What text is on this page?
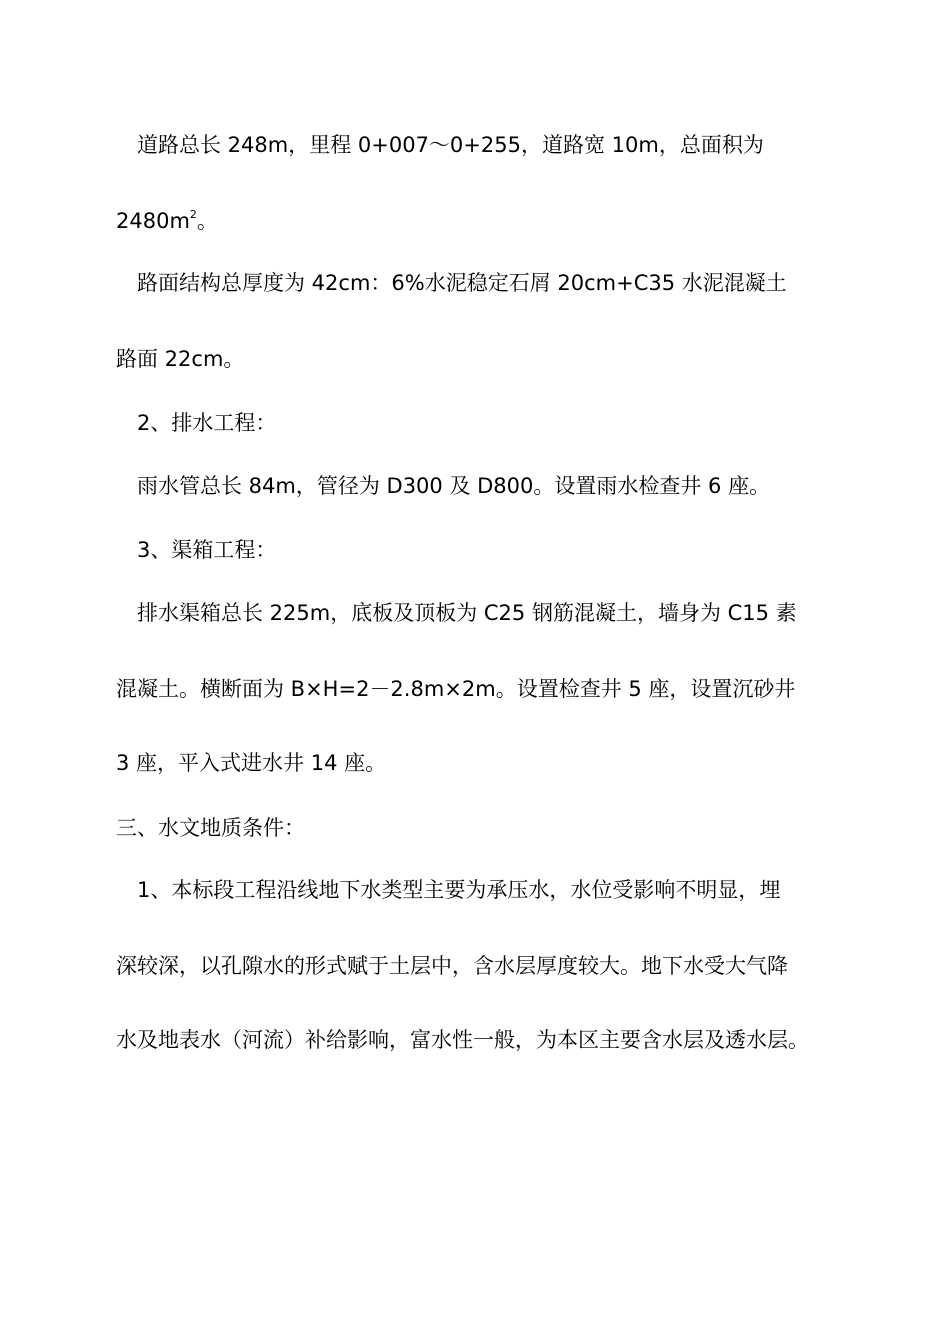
道路总长 248m，里程 0+007～0+255，道路宽 10m，总面积为
$2480m^2$。
路面结构总厚度为 42cm：6%水泥稳定石屑 20cm+C35 水泥混凝土
路面 22cm。
2、排水工程：
雨水管总长 84m，管径为 D300 及 D800。设置雨水检查井 6 座。
3、渠箱工程：
排水渠箱总长 225m，底板及顶板为 C25 钢筋混凝土，墙身为 C15 素
混凝土。横断面为 B×H=2－2.8m×2m。设置检查井 5 座，设置沉砂井
3 座，平入式进水井 14 座。
三、水文地质条件：
1、本标段工程沿线地下水类型主要为承压水，水位受影响不明显，埋
深较深，以孔隙水的形式赋于土层中，含水层厚度较大。地下水受大气降
水及地表水（河流）补给影响，富水性一般，为本区主要含水层及透水层。
